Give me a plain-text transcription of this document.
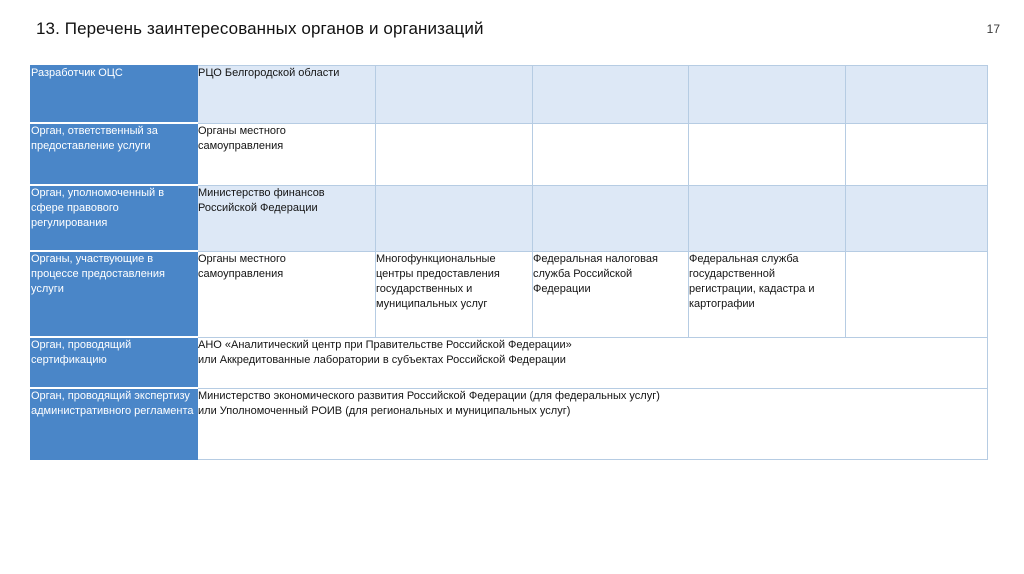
13. Перечень заинтересованных органов и организаций	17
Разработчик ОЦС	РЦО Белгородской области				

Орган, ответственный за предоставление услуги	Органы местного
самоуправления				

Орган, уполномоченный в сфере правового регулирования	Министерство финансов
Российской Федерации				

Органы, участвующие в процессе предоставления услуги	Органы местного
самоуправления	Многофункциональные
центры предоставления
государственных и
муниципальных услуг	Федеральная налоговая
служба Российской
Федерации	Федеральная служба
государственной
регистрации, кадастра и
картографии	

Орган, проводящий сертификацию	АНО «Аналитический центр при Правительстве Российской Федерации»
или Аккредитованные лаборатории в субъектах Российской Федерации				

Орган, проводящий экспертизу административного регламента	Министерство экономического развития Российской Федерации (для федеральных услуг)
или Уполномоченный РОИВ (для региональных и муниципальных услуг)				
